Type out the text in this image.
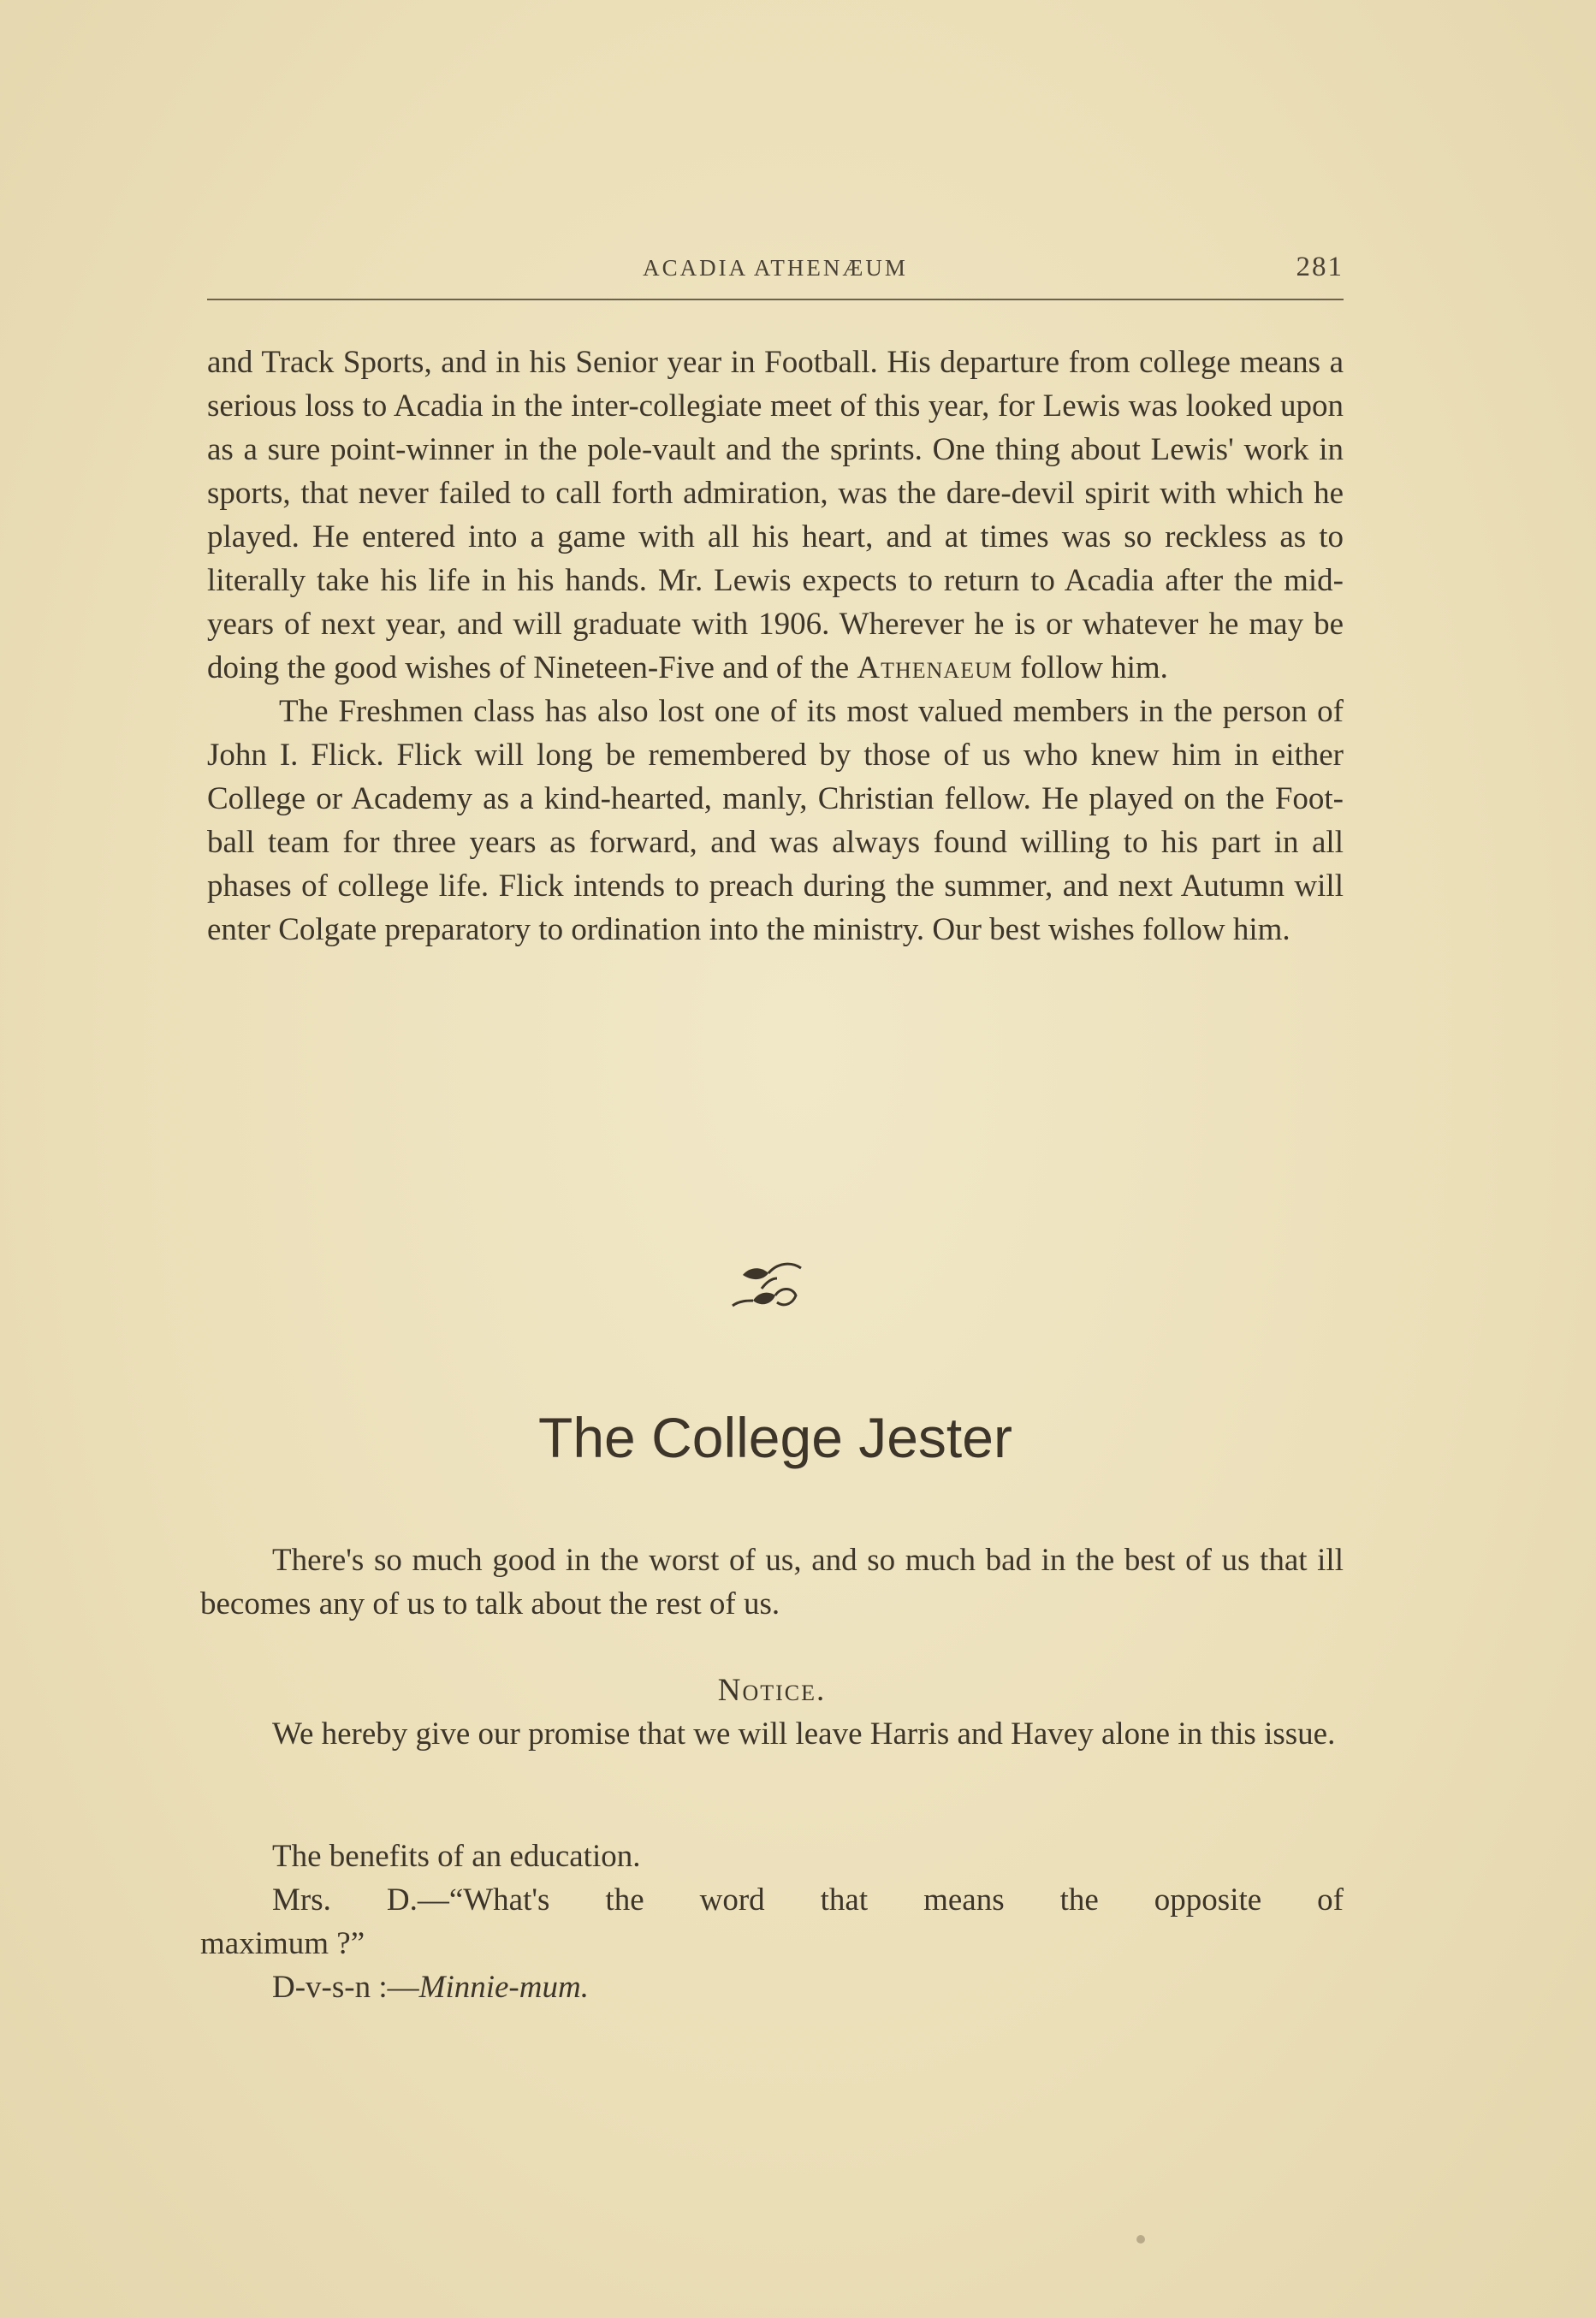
ACADIA ATHENÆUM	281

and Track Sports, and in his Senior year in Football. His departure from college means a serious loss to Acadia in the inter-collegiate meet of this year, for Lewis was looked upon as a sure point-winner in the pole-vault and the sprints. One thing about Lewis' work in sports, that never failed to call forth admiration, was the dare-devil spirit with which he played. He entered into a game with all his heart, and at times was so reckless as to literally take his life in his hands. Mr. Lewis expects to return to Acadia after the mid-years of next year, and will graduate with 1906. Wherever he is or whatever he may be doing the good wishes of Nineteen-Five and of the Athenaeum follow him.

The Freshmen class has also lost one of its most valued members in the person of John I. Flick. Flick will long be remembered by those of us who knew him in either College or Academy as a kind-hearted, manly, Christian fellow. He played on the Foot-ball team for three years as forward, and was always found willing to his part in all phases of college life. Flick intends to preach during the summer, and next Autumn will enter Colgate preparatory to ordination into the ministry. Our best wishes follow him.

The College Jester

There's so much good in the worst of us, and so much bad in the best of us that ill becomes any of us to talk about the rest of us.

Notice.

We hereby give our promise that we will leave Harris and Havey alone in this issue.

The benefits of an education.

Mrs. D.—“What's the word that means the opposite of

maximum ?”

D-v-s-n :—Minnie-mum.
